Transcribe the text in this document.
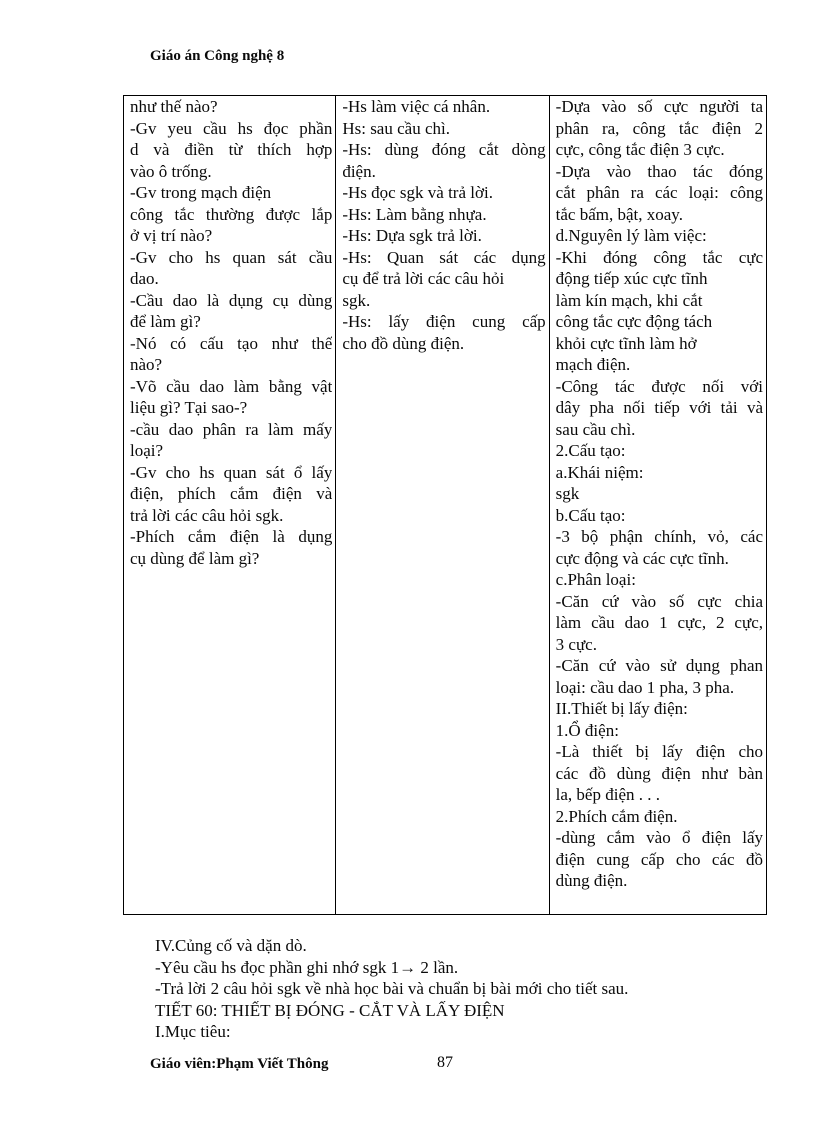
Giáo án Công nghệ 8
như thế nào?
-Gv yeu cầu hs đọc phần
d và điền từ thích hợp
vào ô trống.
-Gv trong mạch điện
công tắc thường được lắp
ở vị trí nào?
-Gv cho hs quan sát cầu
dao.
-Cầu dao là dụng cụ dùng
để làm gì?
-Nó có cấu tạo như thế
nào?
-Võ cầu dao làm bằng vật
liệu gì? Tại sao-?
-cầu dao phân ra làm mấy
loại?
-Gv cho hs quan sát ổ lấy
điện, phích cắm điện và
trả lời các câu hỏi sgk.
-Phích cắm điện là dụng
cụ dùng để làm gì?

-Hs làm việc cá nhân.
Hs: sau cầu chì.
-Hs: dùng đóng cắt dòng
điện.
-Hs đọc sgk và trả lời.
-Hs: Làm bằng nhựa.
-Hs: Dựa sgk trả lời.
-Hs: Quan sát các dụng
cụ để trả lời các câu hỏi
sgk.
-Hs: lấy điện cung cấp
cho đồ dùng điện.

-Dựa vào số cực người ta
phân ra, công tắc điện 2
cực, công tắc điện 3 cực.
-Dựa vào thao tác đóng
cắt phân ra các loại: công
tắc bấm, bật, xoay.
d.Nguyên lý làm việc:
-Khi đóng công tắc cực
động tiếp xúc cực tĩnh
làm kín mạch, khi cắt
công tắc cực động tách
khỏi cực tĩnh làm hở
mạch điện.
-Công tác được nối với
dây pha nối tiếp với tải và
sau cầu chì.
2.Cấu tạo:
a.Khái niệm:
sgk
b.Cấu tạo:
-3 bộ phận chính, vỏ, các
cực động và các cực tĩnh.
c.Phân loại:
-Căn cứ vào số cực chia
làm cầu dao 1 cực, 2 cực,
3 cực.
-Căn cứ vào sử dụng phan
loại: cầu dao 1 pha, 3 pha.
II.Thiết bị lấy điện:
1.Ổ điện:
-Là thiết bị lấy điện cho
các đồ dùng điện như bàn
la, bếp điện . . .
2.Phích cắm điện.
-dùng cắm vào ổ điện lấy
điện cung cấp cho các đồ
dùng điện.
IV.Củng cố và dặn dò.
-Yêu cầu hs đọc phần ghi nhớ sgk 1→ 2 lần.
-Trả lời 2 câu hỏi sgk về nhà học bài và chuẩn bị bài mới cho tiết sau.
TIẾT 60: THIẾT BỊ ĐÓNG - CẮT VÀ LẤY ĐIỆN
I.Mục tiêu:
Giáo viên:Phạm Viết Thông	87
